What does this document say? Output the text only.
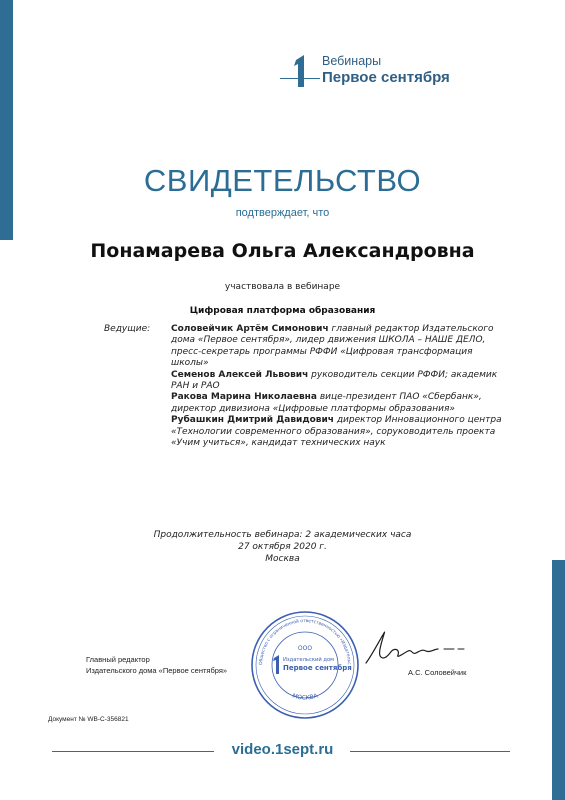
Вебинары
Первое сентября
СВИДЕТЕЛЬСТВО
подтверждает, что
Понамарева Ольга Александровна
участвовала в вебинаре
Цифровая платформа образования
Ведущие: Соловейчик Артём Симонович главный редактор Издательского дома «Первое сентября», лидер движения ШКОЛА – НАШЕ ДЕЛО, пресс-секретарь программы РФФИ «Цифровая трансформация школы»

Семенов Алексей Львович руководитель секции РФФИ; академик РАН и РАО

Ракова Марина Николаевна вице-президент ПАО «Сбербанк», директор дивизиона «Цифровые платформы образования»

Рубашкин Дмитрий Давидович директор Инновационного центра «Технологии современного образования», соруководитель проекта «Учим учиться», кандидат технических наук

Продолжительность вебинара: 2 академических часа
27 октября 2020 г.
Москва
Главный редактор
Издательского дома «Первое сентября»
Общество с ограниченной ответственностью «Издательс
МОСКВА
ООО
Издательский дом
Первое сентября	А.С. Соловейчик
Документ № WB-С-356821
video.1sept.ru
